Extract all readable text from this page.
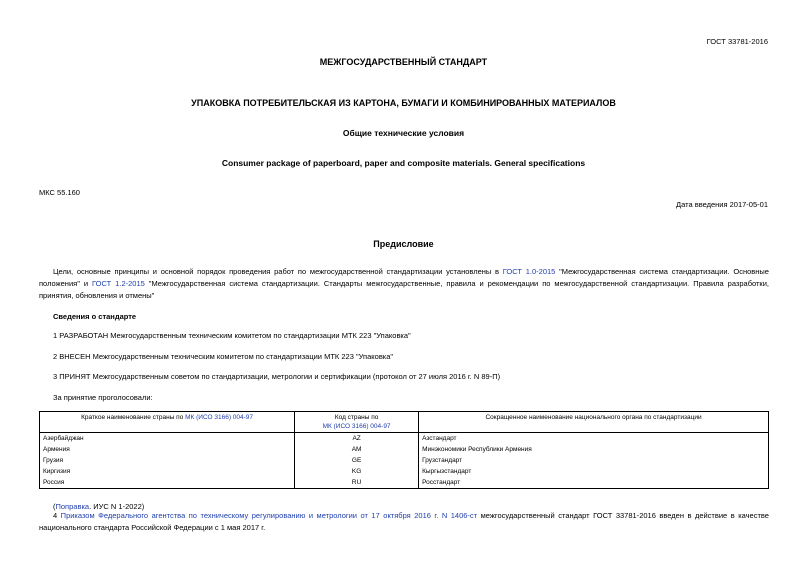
ГОСТ 33781-2016
МЕЖГОСУДАРСТВЕННЫЙ СТАНДАРТ
УПАКОВКА ПОТРЕБИТЕЛЬСКАЯ ИЗ КАРТОНА, БУМАГИ И КОМБИНИРОВАННЫХ МАТЕРИАЛОВ
Общие технические условия
Consumer package of paperboard, paper and composite materials. General specifications
МКС 55.160
Дата введения 2017-05-01
Предисловие
Цели, основные принципы и основной порядок проведения работ по межгосударственной стандартизации установлены в ГОСТ 1.0-2015 "Межгосударственная система стандартизации. Основные положения" и ГОСТ 1.2-2015 "Межгосударственная система стандартизации. Стандарты межгосударственные, правила и рекомендации по межгосударственной стандартизации. Правила разработки, принятия, обновления и отмены"
Сведения о стандарте
1 РАЗРАБОТАН Межгосударственным техническим комитетом по стандартизации МТК 223 "Упаковка"
2 ВНЕСЕН Межгосударственным техническим комитетом по стандартизации МТК 223 "Упаковка"
3 ПРИНЯТ Межгосударственным советом по стандартизации, метрологии и сертификации (протокол от 27 июля 2016 г. N 89-П)
За принятие проголосовали:
Краткое наименование страны по МК (ИСО 3166) 004-97	Код страны по
МК (ИСО 3166) 004-97	Сокращенное наименование национального органа по стандартизации
Азербайджан	AZ	Азстандарт
Армения	AM	Минэкономики Республики Армения
Грузия	GE	Грузстандарт
Киргизия	KG	Кыргызстандарт
Россия	RU	Росстандарт
(Поправка. ИУС N 1-2022)
4 Приказом Федерального агентства по техническому регулированию и метрологии от 17 октября 2016 г. N 1406-ст межгосударственный стандарт ГОСТ 33781-2016 введен в действие в качестве национального стандарта Российской Федерации с 1 мая 2017 г.
